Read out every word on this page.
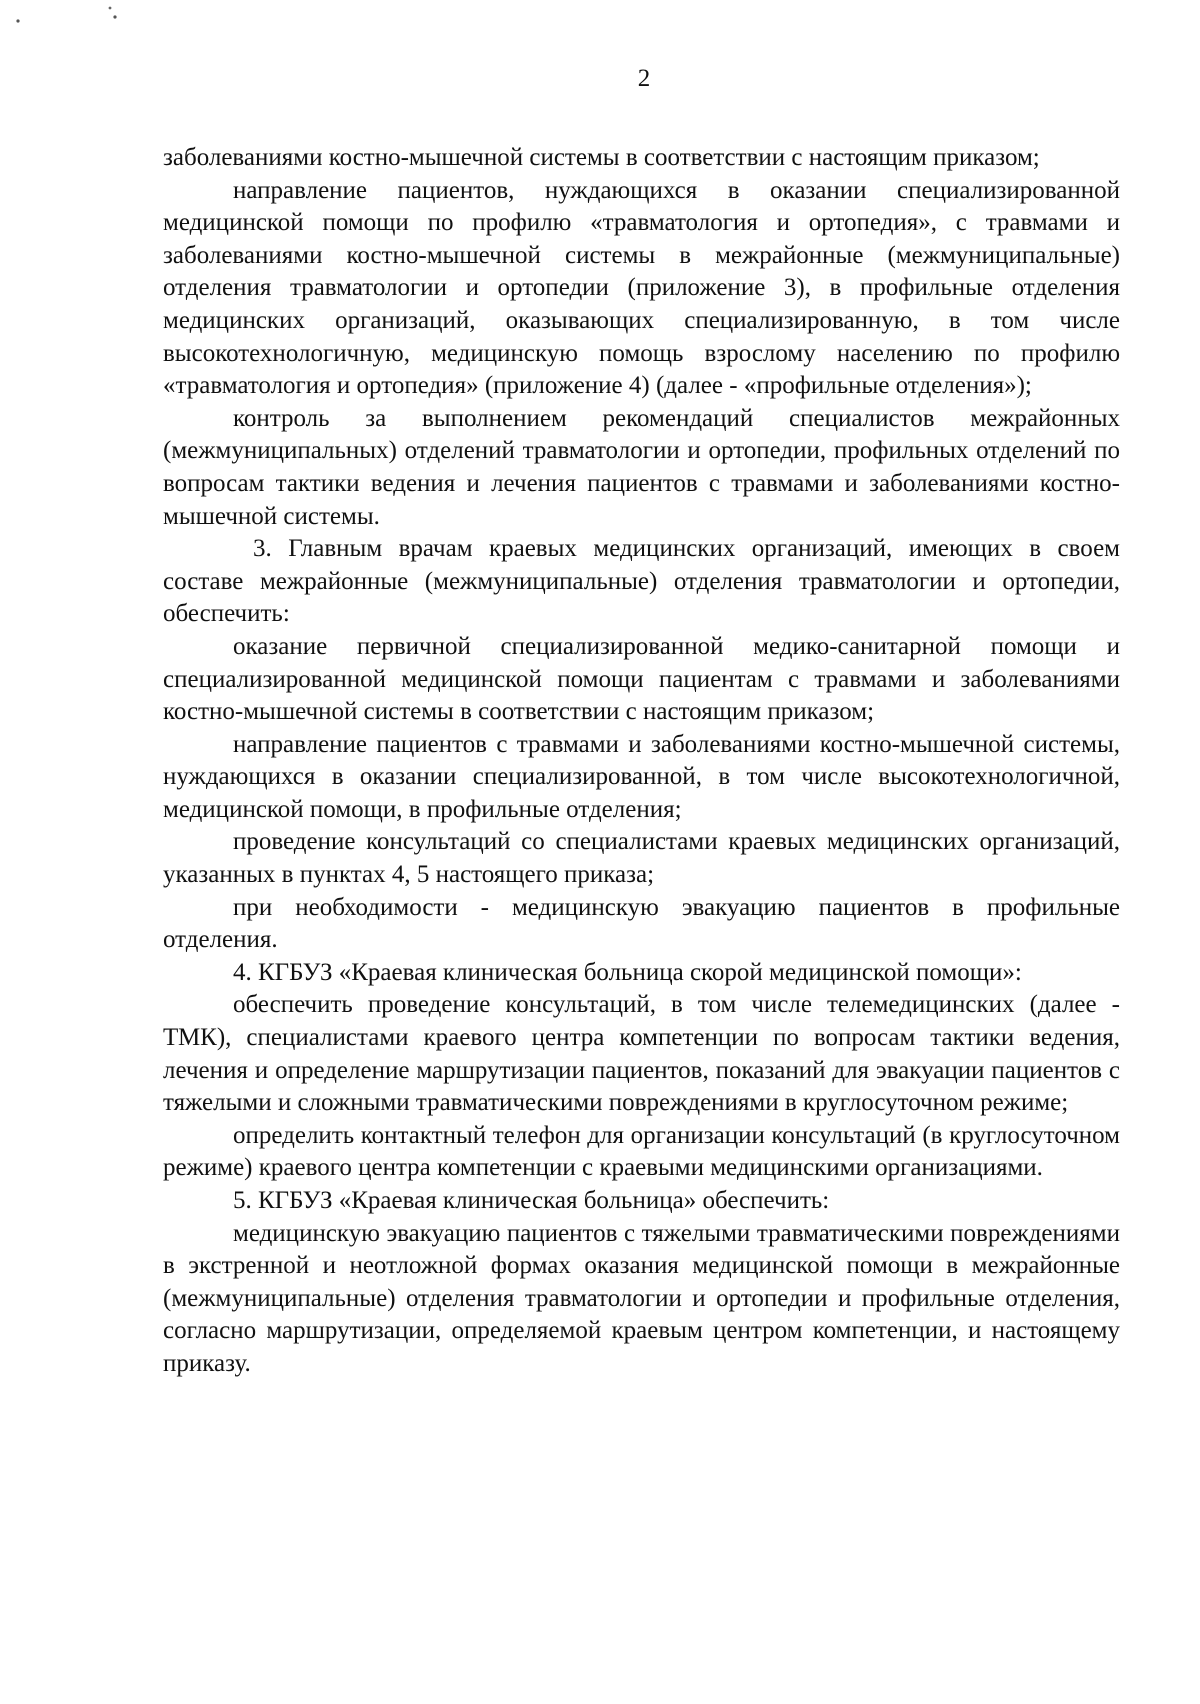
2

заболеваниями костно-мышечной системы в соответствии с настоящим приказом;

направление пациентов, нуждающихся в оказании специализированной медицинской помощи по профилю «травматология и ортопедия», с травмами и заболеваниями костно-мышечной системы в межрайонные (межмуниципальные) отделения травматологии и ортопедии (приложение 3), в профильные отделения медицинских организаций, оказывающих специализированную, в том числе высокотехнологичную, медицинскую помощь взрослому населению по профилю «травматология и ортопедия» (приложение 4) (далее - «профильные отделения»);

контроль за выполнением рекомендаций специалистов межрайонных (межмуниципальных) отделений травматологии и ортопедии, профильных отделений по вопросам тактики ведения и лечения пациентов с травмами и заболеваниями костно-мышечной системы.

3. Главным врачам краевых медицинских организаций, имеющих в своем составе межрайонные (межмуниципальные) отделения травматологии и ортопедии, обеспечить:

оказание первичной специализированной медико-санитарной помощи и специализированной медицинской помощи пациентам с травмами и заболеваниями костно-мышечной системы в соответствии с настоящим приказом;

направление пациентов с травмами и заболеваниями костно-мышечной системы, нуждающихся в оказании специализированной, в том числе высокотехнологичной, медицинской помощи, в профильные отделения;

проведение консультаций со специалистами краевых медицинских организаций, указанных в пунктах 4, 5 настоящего приказа;

при необходимости - медицинскую эвакуацию пациентов в профильные отделения.

4. КГБУЗ «Краевая клиническая больница скорой медицинской помощи»:

обеспечить проведение консультаций, в том числе телемедицинских (далее - ТМК), специалистами краевого центра компетенции по вопросам тактики ведения, лечения и определение маршрутизации пациентов, показаний для эвакуации пациентов с тяжелыми и сложными травматическими повреждениями в круглосуточном режиме;

определить контактный телефон для организации консультаций (в круглосуточном режиме) краевого центра компетенции с краевыми медицинскими организациями.

5. КГБУЗ «Краевая клиническая больница» обеспечить:

медицинскую эвакуацию пациентов с тяжелыми травматическими повреждениями в экстренной и неотложной формах оказания медицинской помощи в межрайонные (межмуниципальные) отделения травматологии и ортопедии и профильные отделения, согласно маршрутизации, определяемой краевым центром компетенции, и настоящему приказу.
